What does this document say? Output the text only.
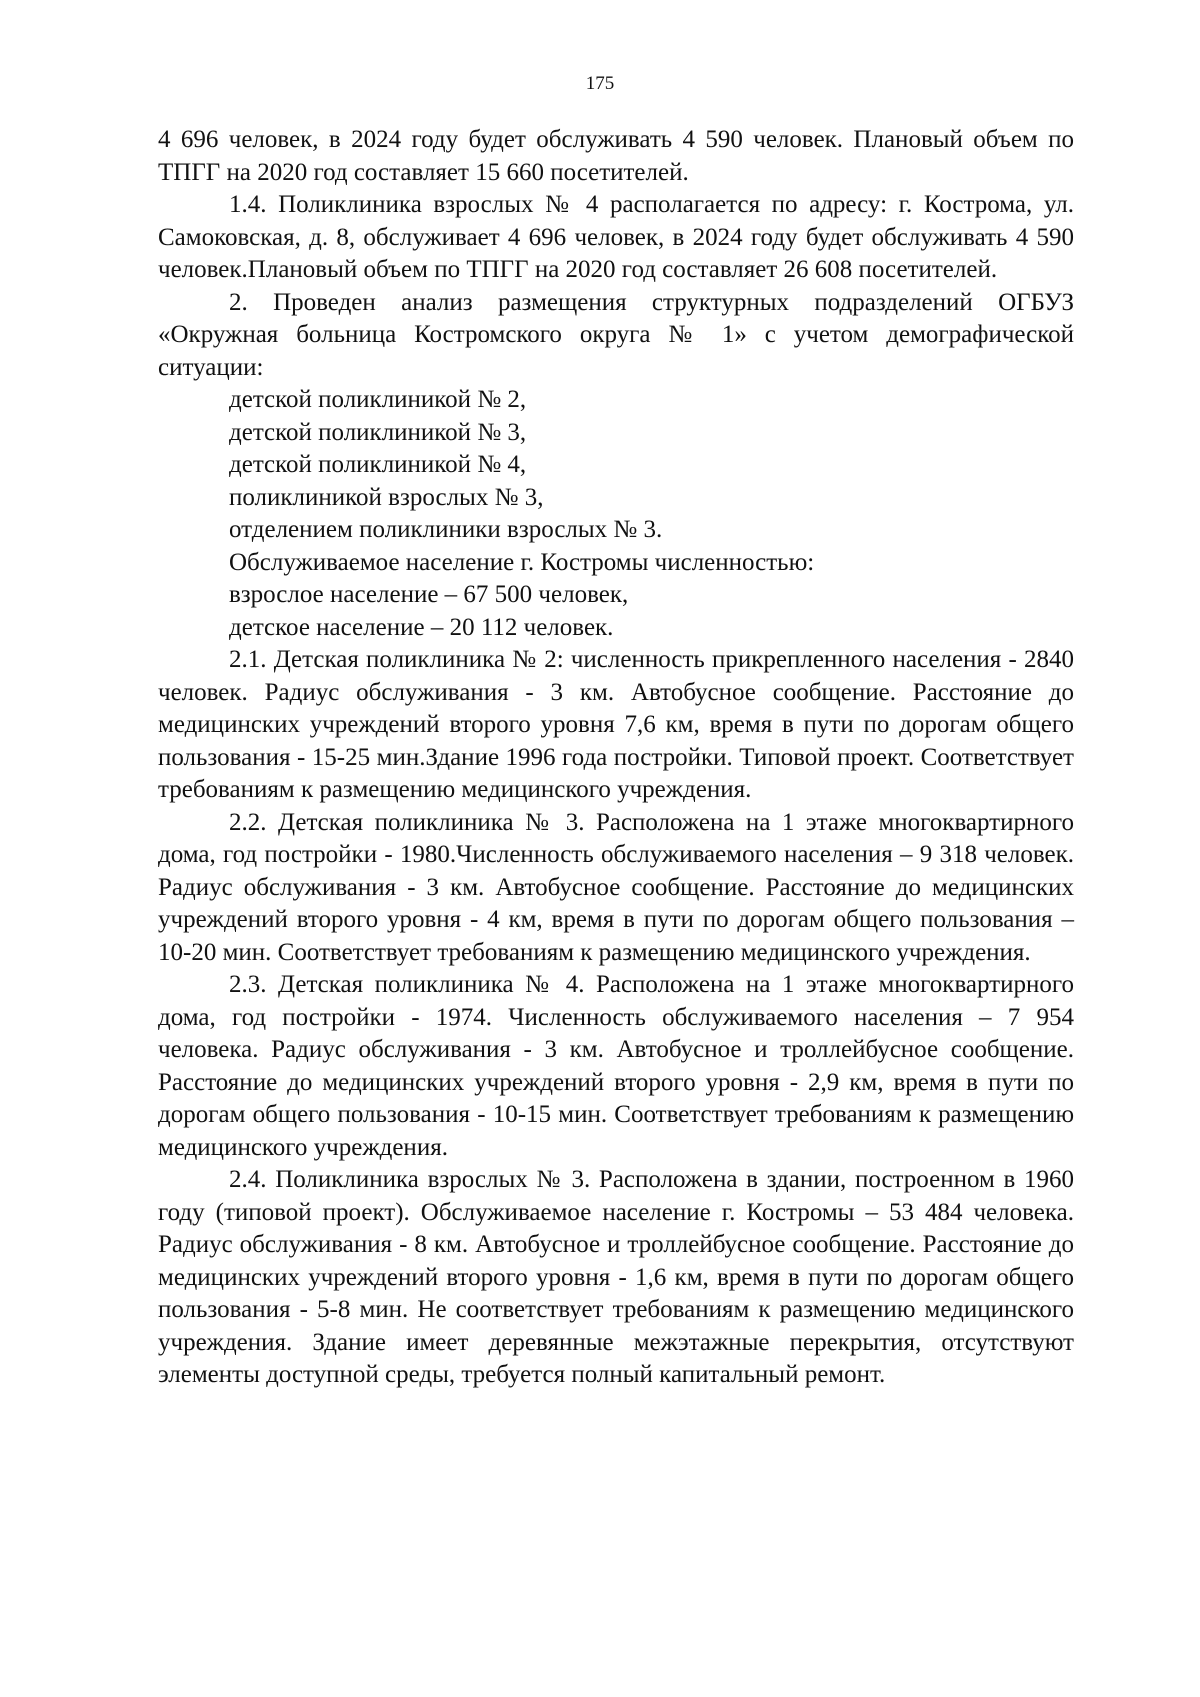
175

4 696 человек, в 2024 году будет обслуживать 4 590 человек. Плановый объем по ТПГГ на 2020 год составляет 15 660 посетителей.

1.4. Поликлиника взрослых № 4 располагается по адресу: г. Кострома, ул. Самоковская, д. 8, обслуживает 4 696 человек, в 2024 году будет обслуживать 4 590 человек.Плановый объем по ТПГГ на 2020 год составляет 26 608 посетителей.

2. Проведен анализ размещения структурных подразделений ОГБУЗ «Окружная больница Костромского округа № 1» с учетом демографической ситуации:

детской поликлиникой № 2,
детской поликлиникой № 3,
детской поликлиникой № 4,
поликлиникой взрослых № 3,
отделением поликлиники взрослых № 3.
Обслуживаемое население г. Костромы численностью:
взрослое население – 67 500 человек,
детское население – 20 112 человек.

2.1. Детская поликлиника № 2: численность прикрепленного населения - 2840 человек. Радиус обслуживания - 3 км. Автобусное сообщение. Расстояние до медицинских учреждений второго уровня 7,6 км, время в пути по дорогам общего пользования - 15-25 мин.Здание 1996 года постройки. Типовой проект. Соответствует требованиям к размещению медицинского учреждения.

2.2. Детская поликлиника № 3. Расположена на 1 этаже многоквартирного дома, год постройки - 1980.Численность обслуживаемого населения – 9 318 человек. Радиус обслуживания - 3 км. Автобусное сообщение. Расстояние до медицинских учреждений второго уровня - 4 км, время в пути по дорогам общего пользования – 10-20 мин. Соответствует требованиям к размещению медицинского учреждения.

2.3. Детская поликлиника № 4. Расположена на 1 этаже многоквартирного дома, год постройки - 1974. Численность обслуживаемого населения – 7 954 человека. Радиус обслуживания - 3 км. Автобусное и троллейбусное сообщение. Расстояние до медицинских учреждений второго уровня - 2,9 км, время в пути по дорогам общего пользования - 10-15 мин. Соответствует требованиям к размещению медицинского учреждения.

2.4. Поликлиника взрослых № 3. Расположена в здании, построенном в 1960 году (типовой проект). Обслуживаемое население г. Костромы – 53 484 человека. Радиус обслуживания - 8 км. Автобусное и троллейбусное сообщение. Расстояние до медицинских учреждений второго уровня - 1,6 км, время в пути по дорогам общего пользования - 5-8 мин. Не соответствует требованиям к размещению медицинского учреждения. Здание имеет деревянные межэтажные перекрытия, отсутствуют элементы доступной среды, требуется полный капитальный ремонт.
